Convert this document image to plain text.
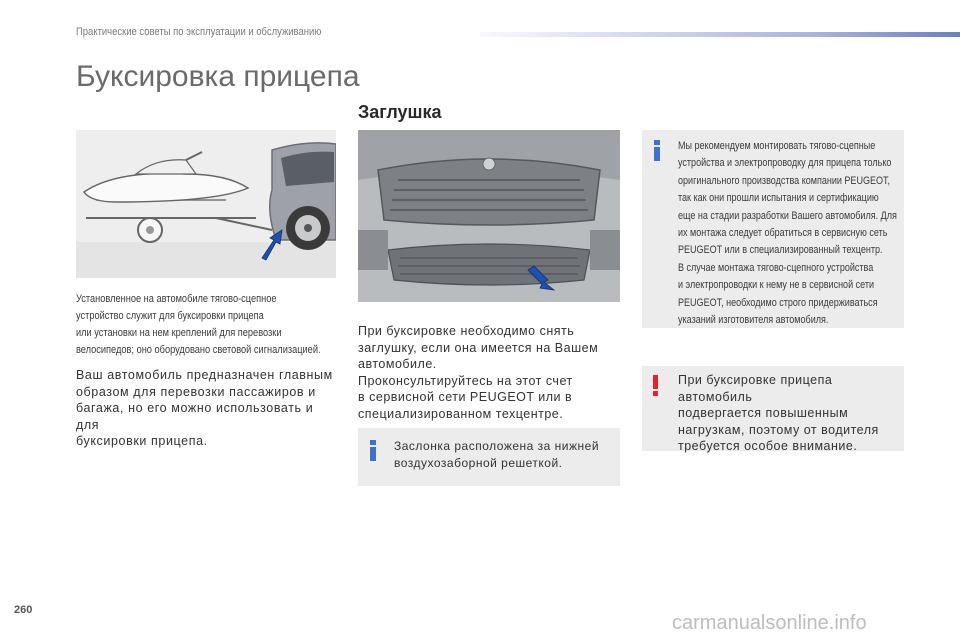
Практические советы по эксплуатации и обслуживанию
Буксировка прицепа
Заглушка
Установленное на автомобиле тягово-сцепное
устройство служит для буксировки прицепа
или установки на нем креплений для перевозки
велосипедов; оно оборудовано световой сигнализацией.
Ваш автомобиль предназначен главным
образом для перевозки пассажиров и
багажа, но его можно использовать и для
буксировки прицепа.
При буксировке необходимо снять
заглушку, если она имеется на Вашем
автомобиле.
Проконсультируйтесь на этот счет
в сервисной сети PEUGEOT или в
специализированном техцентре.
Заслонка расположена за нижней
воздухозаборной решеткой.
Мы рекомендуем монтировать тягово-сцепные
устройства и электропроводку для прицепа только
оригинального производства компании PEUGEOT,
так как они прошли испытания и сертификацию
еще на стадии разработки Вашего автомобиля. Для
их монтажа следует обратиться в сервисную сеть
PEUGEOT или в специализированный техцентр.
В случае монтажа тягово-сцепного устройства
и электропроводки к нему не в сервисной сети
PEUGEOT, необходимо строго придерживаться
указаний изготовителя автомобиля.
При буксировке прицепа автомобиль
подвергается повышенным
нагрузкам, поэтому от водителя
требуется особое внимание.
260
carmanualsonline.info
